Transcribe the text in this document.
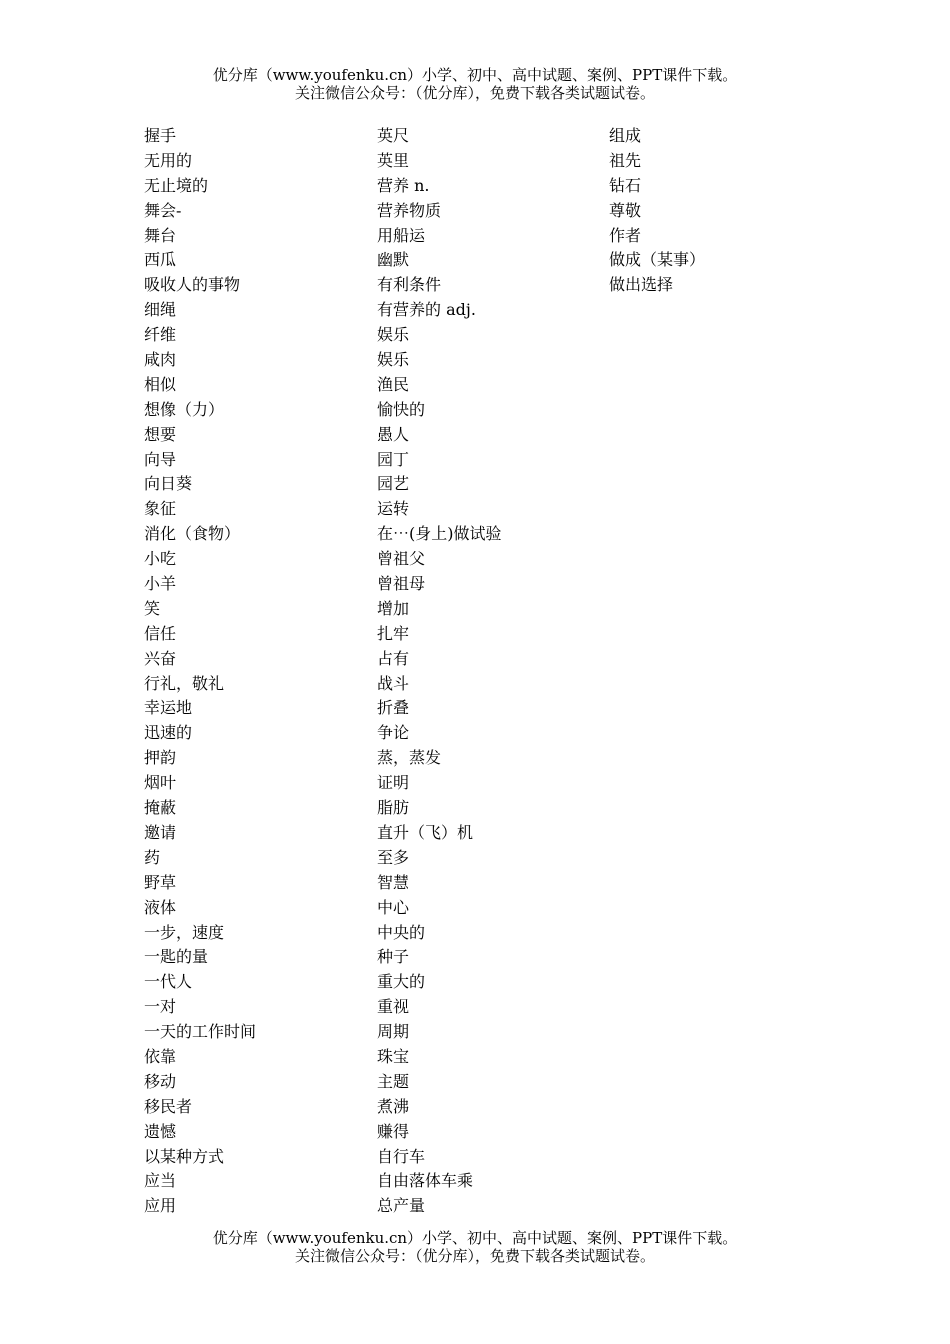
优分库（www.youfenku.cn）小学、初中、高中试题、案例、PPT课件下载。
关注微信公众号：（优分库），免费下载各类试题试卷。
握手
无用的
无止境的
舞会-
舞台
西瓜
吸收人的事物
细绳
纤维
咸肉
相似
想像（力）
想要
向导
向日葵
象征
消化（食物）
小吃
小羊
笑
信任
兴奋
行礼，敬礼
幸运地
迅速的
押韵
烟叶
掩蔽
邀请
药
野草
液体
一步，速度
一匙的量
一代人
一对
一天的工作时间
依靠
移动
移民者
遗憾
以某种方式
应当
应用
英尺
英里
营养 n.
营养物质
用船运
幽默
有利条件
有营养的 adj.
娱乐
娱乐
渔民
愉快的
愚人
园丁
园艺
运转
在⋯(身上)做试验
曾祖父
曾祖母
增加
扎牢
占有
战斗
折叠
争论
蒸，蒸发
证明
脂肪
直升（飞）机
至多
智慧
中心
中央的
种子
重大的
重视
周期
珠宝
主题
煮沸
赚得
自行车
自由落体车乘
总产量
组成
祖先
钻石
尊敬
作者
做成（某事）
做出选择
优分库（www.youfenku.cn）小学、初中、高中试题、案例、PPT课件下载。
关注微信公众号：（优分库），免费下载各类试题试卷。
